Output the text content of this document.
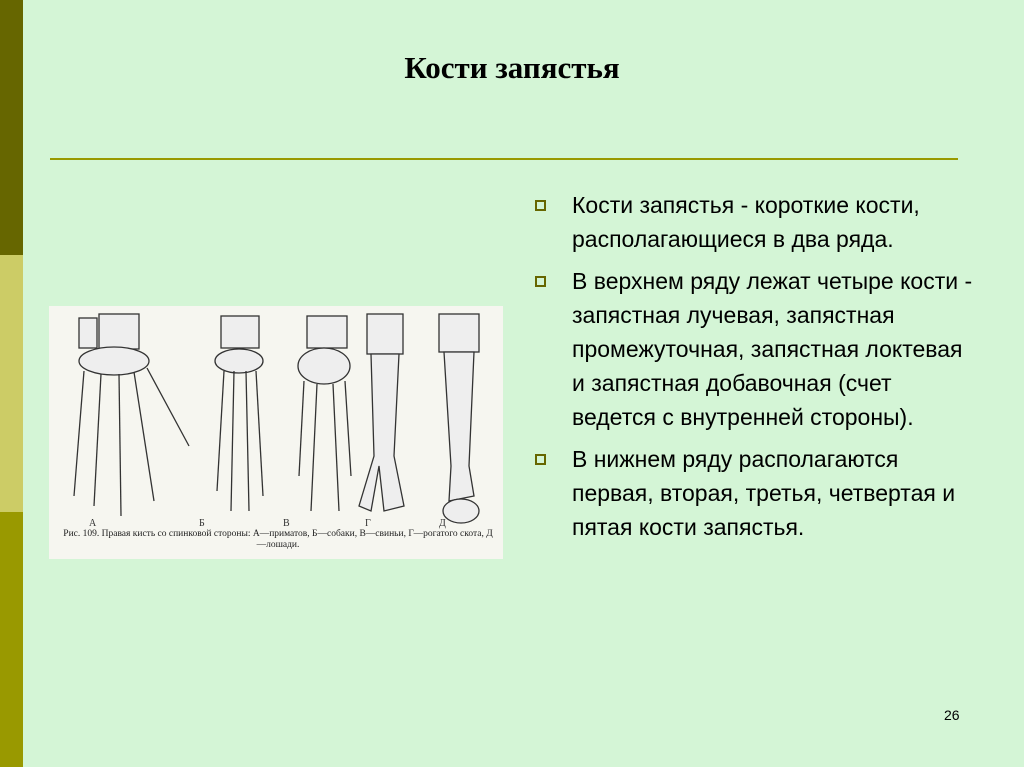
Кости запястья
А	Б	В	Г	Д
Рис. 109. Правая кисть со спинковой стороны: А—приматов, Б—собаки, В—свиньи, Г—рогатого скота, Д—лошади.
Кости запястья - короткие кости, располагающиеся в два ряда.
В верхнем ряду лежат четыре кости - запястная лучевая, запястная промежуточная, запястная локтевая и запястная добавочная (счет ведется с внутренней стороны).
В нижнем ряду располагаются первая, вторая, третья, четвертая и пятая кости запястья.
26
